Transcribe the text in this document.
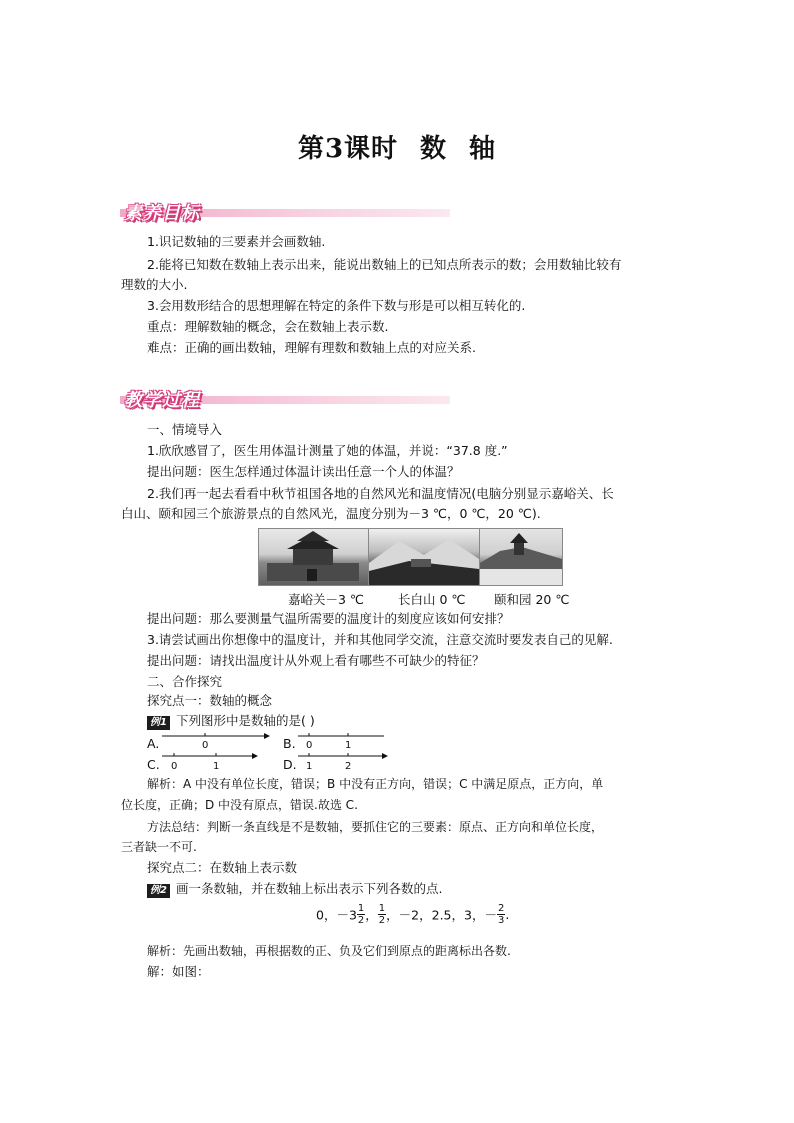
第3课时 数 轴
素养目标
1.识记数轴的三要素并会画数轴.
2.能将已知数在数轴上表示出来，能说出数轴上的已知点所表示的数；会用数轴比较有
理数的大小.
3.会用数形结合的思想理解在特定的条件下数与形是可以相互转化的.
重点：理解数轴的概念，会在数轴上表示数.
难点：正确的画出数轴，理解有理数和数轴上点的对应关系.
教学过程
一、情境导入
1.欣欣感冒了，医生用体温计测量了她的体温，并说：“37.8 度.”
提出问题：医生怎样通过体温计读出任意一个人的体温？
2.我们再一起去看看中秋节祖国各地的自然风光和温度情况(电脑分别显示嘉峪关、长
白山、颐和园三个旅游景点的自然风光，温度分别为－3 ℃，0 ℃，20 ℃).
嘉峪关－3 ℃	长白山 0 ℃ 颐和园 20 ℃
提出问题：那么要测量气温所需要的温度计的刻度应该如何安排？
3.请尝试画出你想像中的温度计，并和其他同学交流，注意交流时要发表自己的见解.
提出问题：请找出温度计从外观上看有哪些不可缺少的特征？
二、合作探究
探究点一：数轴的概念
例1 下列图形中是数轴的是( )
A.	0	B. 0	1
C. 0	1	D. 1	2
解析：A 中没有单位长度，错误；B 中没有正方向，错误；C 中满足原点，正方向，单
位长度，正确；D 中没有原点，错误.故选 C.
方法总结：判断一条直线是不是数轴，要抓住它的三要素：原点、正方向和单位长度，
三者缺一不可.
探究点二：在数轴上表示数
例2 画一条数轴，并在数轴上标出表示下列各数的点.
0，$-3 \frac{1}{2}$ ， $\frac{1}{2}$ ，－2，2.5，3，－ $\frac{2}{3}$ .
解析：先画出数轴，再根据数的正、负及它们到原点的距离标出各数.
解：如图：
